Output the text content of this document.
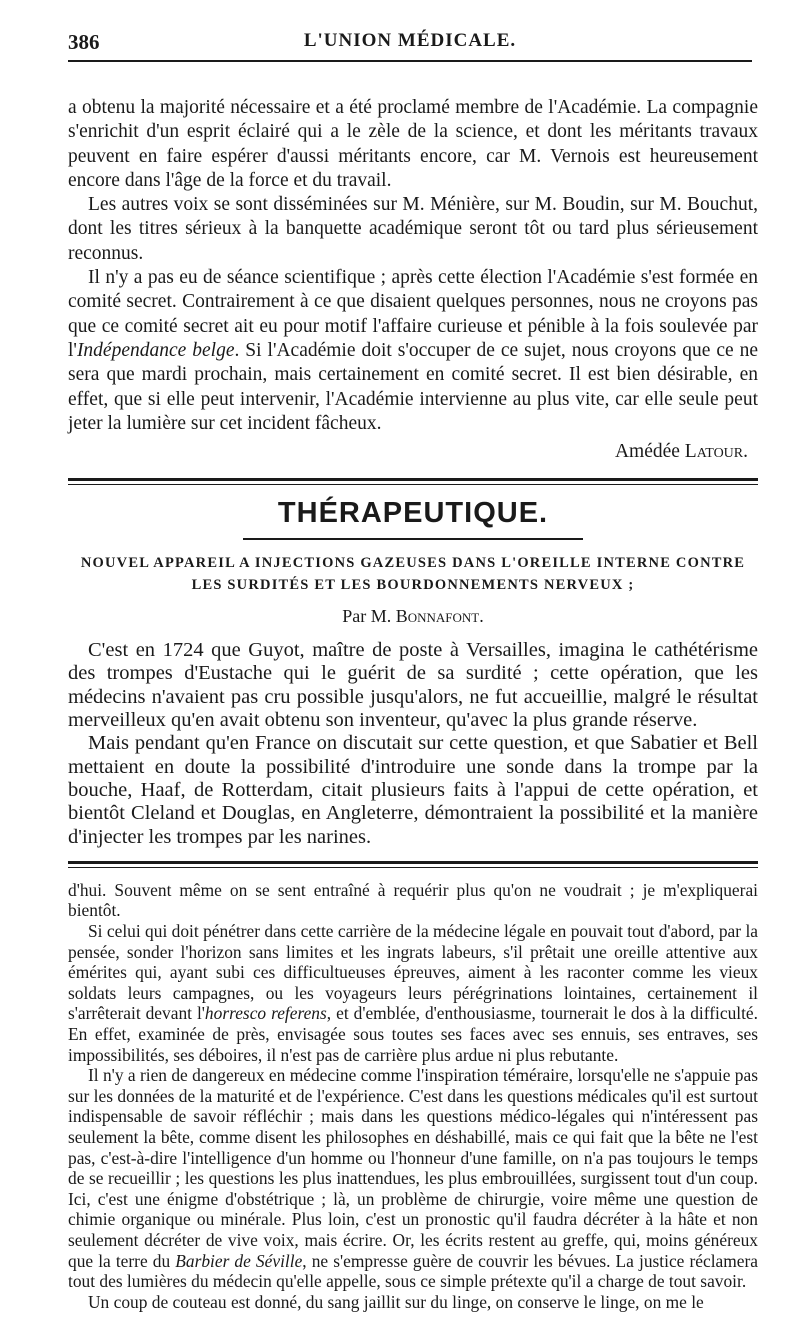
386	L'UNION MÉDICALE.

a obtenu la majorité nécessaire et a été proclamé membre de l'Académie. La compagnie s'enrichit d'un esprit éclairé qui a le zèle de la science, et dont les méritants travaux peuvent en faire espérer d'aussi méritants encore, car M. Vernois est heureusement encore dans l'âge de la force et du travail.

Les autres voix se sont disséminées sur M. Ménière, sur M. Boudin, sur M. Bouchut, dont les titres sérieux à la banquette académique seront tôt ou tard plus sérieusement reconnus.

Il n'y a pas eu de séance scientifique ; après cette élection l'Académie s'est formée en comité secret. Contrairement à ce que disaient quelques personnes, nous ne croyons pas que ce comité secret ait eu pour motif l'affaire curieuse et pénible à la fois soulevée par l'Indépendance belge. Si l'Académie doit s'occuper de ce sujet, nous croyons que ce ne sera que mardi prochain, mais certainement en comité secret. Il est bien désirable, en effet, que si elle peut intervenir, l'Académie intervienne au plus vite, car elle seule peut jeter la lumière sur cet incident fâcheux.

Amédée Latour.
THÉRAPEUTIQUE.
NOUVEL APPAREIL A INJECTIONS GAZEUSES DANS L'OREILLE INTERNE CONTRE LES SURDITÉS ET LES BOURDONNEMENTS NERVEUX ;
Par M. Bonnafont.

C'est en 1724 que Guyot, maître de poste à Versailles, imagina le cathétérisme des trompes d'Eustache qui le guérit de sa surdité ; cette opération, que les médecins n'avaient pas cru possible jusqu'alors, ne fut accueillie, malgré le résultat merveilleux qu'en avait obtenu son inventeur, qu'avec la plus grande réserve.

Mais pendant qu'en France on discutait sur cette question, et que Sabatier et Bell mettaient en doute la possibilité d'introduire une sonde dans la trompe par la bouche, Haaf, de Rotterdam, citait plusieurs faits à l'appui de cette opération, et bientôt Cleland et Douglas, en Angleterre, démontraient la possibilité et la manière d'injecter les trompes par les narines.

d'hui. Souvent même on se sent entraîné à requérir plus qu'on ne voudrait ; je m'expliquerai bientôt.

Si celui qui doit pénétrer dans cette carrière de la médecine légale en pouvait tout d'abord, par la pensée, sonder l'horizon sans limites et les ingrats labeurs, s'il prêtait une oreille attentive aux émérites qui, ayant subi ces difficultueuses épreuves, aiment à les raconter comme les vieux soldats leurs campagnes, ou les voyageurs leurs pérégrinations lointaines, certainement il s'arrêterait devant l'horresco referens, et d'emblée, d'enthousiasme, tournerait le dos à la difficulté. En effet, examinée de près, envisagée sous toutes ses faces avec ses ennuis, ses entraves, ses impossibilités, ses déboires, il n'est pas de carrière plus ardue ni plus rebutante.

Il n'y a rien de dangereux en médecine comme l'inspiration téméraire, lorsqu'elle ne s'appuie pas sur les données de la maturité et de l'expérience. C'est dans les questions médicales qu'il est surtout indispensable de savoir réfléchir ; mais dans les questions médico-légales qui n'intéressent pas seulement la bête, comme disent les philosophes en déshabillé, mais ce qui fait que la bête ne l'est pas, c'est-à-dire l'intelligence d'un homme ou l'honneur d'une famille, on n'a pas toujours le temps de se recueillir ; les questions les plus inattendues, les plus embrouillées, surgissent tout d'un coup. Ici, c'est une énigme d'obstétrique ; là, un problème de chirurgie, voire même une question de chimie organique ou minérale. Plus loin, c'est un pronostic qu'il faudra décréter à la hâte et non seulement décréter de vive voix, mais écrire. Or, les écrits restent au greffe, qui, moins généreux que la terre du Barbier de Séville, ne s'empresse guère de couvrir les bévues. La justice réclamera tout des lumières du médecin qu'elle appelle, sous ce simple prétexte qu'il a charge de tout savoir.

Un coup de couteau est donné, du sang jaillit sur du linge, on conserve le linge, on me le
